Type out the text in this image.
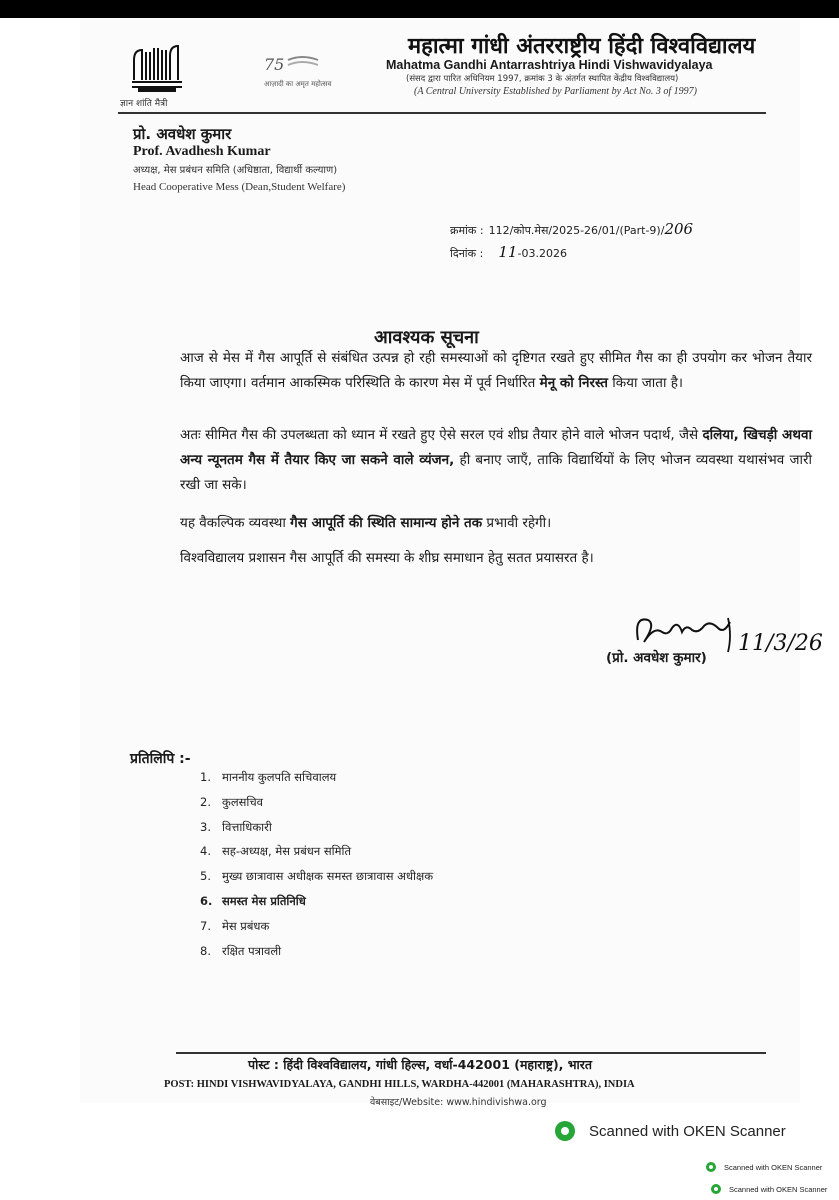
ज्ञान शांति मैत्री
75
आज़ादी का अमृत महोत्सव
महात्मा गांधी अंतरराष्ट्रीय हिंदी विश्वविद्यालय
Mahatma Gandhi Antarrashtriya Hindi Vishwavidyalaya
(संसद द्वारा पारित अधिनियम 1997, क्रमांक 3 के अंतर्गत स्थापित केंद्रीय विश्वविद्यालय)
(A Central University Established by Parliament by Act No. 3 of 1997)
प्रो. अवधेश कुमार
Prof. Avadhesh Kumar
अध्यक्ष, मेस प्रबंधन समिति (अधिष्ठाता, विद्यार्थी कल्याण)
Head Cooperative Mess (Dean,Student Welfare)
क्रमांक : 112/कोप.मेस/2025-26/01/(Part-9)/206
दिनांक : 11-03.2026
आवश्यक सूचना
आज से मेस में गैस आपूर्ति से संबंधित उत्पन्न हो रही समस्याओं को दृष्टिगत रखते हुए सीमित गैस का ही उपयोग कर भोजन तैयार किया जाएगा। वर्तमान आकस्मिक परिस्थिति के कारण मेस में पूर्व निर्धारित मेनू को निरस्त किया जाता है।
अतः सीमित गैस की उपलब्धता को ध्यान में रखते हुए ऐसे सरल एवं शीघ्र तैयार होने वाले भोजन पदार्थ, जैसे दलिया, खिचड़ी अथवा अन्य न्यूनतम गैस में तैयार किए जा सकने वाले व्यंजन, ही बनाए जाएँ, ताकि विद्यार्थियों के लिए भोजन व्यवस्था यथासंभव जारी रखी जा सके।
यह वैकल्पिक व्यवस्था गैस आपूर्ति की स्थिति सामान्य होने तक प्रभावी रहेगी।
विश्वविद्यालय प्रशासन गैस आपूर्ति की समस्या के शीघ्र समाधान हेतु सतत प्रयासरत है।
11/3/26
(प्रो. अवधेश कुमार)
प्रतिलिपि :-
1. माननीय कुलपति सचिवालय
2. कुलसचिव
3. वित्ताधिकारी
4. सह-अध्यक्ष, मेस प्रबंधन समिति
5. मुख्य छात्रावास अधीक्षक समस्त छात्रावास अधीक्षक
6. समस्त मेस प्रतिनिधि
7. मेस प्रबंधक
8. रक्षित पत्रावली
पोस्ट : हिंदी विश्वविद्यालय, गांधी हिल्स, वर्धा-442001 (महाराष्ट्र), भारत
POST: HINDI VISHWAVIDYALAYA, GANDHI HILLS, WARDHA-442001 (MAHARASHTRA), INDIA
वेबसाइट/Website: www.hindivishwa.org
Scanned with OKEN Scanner
Scanned with OKEN Scanner
Scanned with OKEN Scanner
